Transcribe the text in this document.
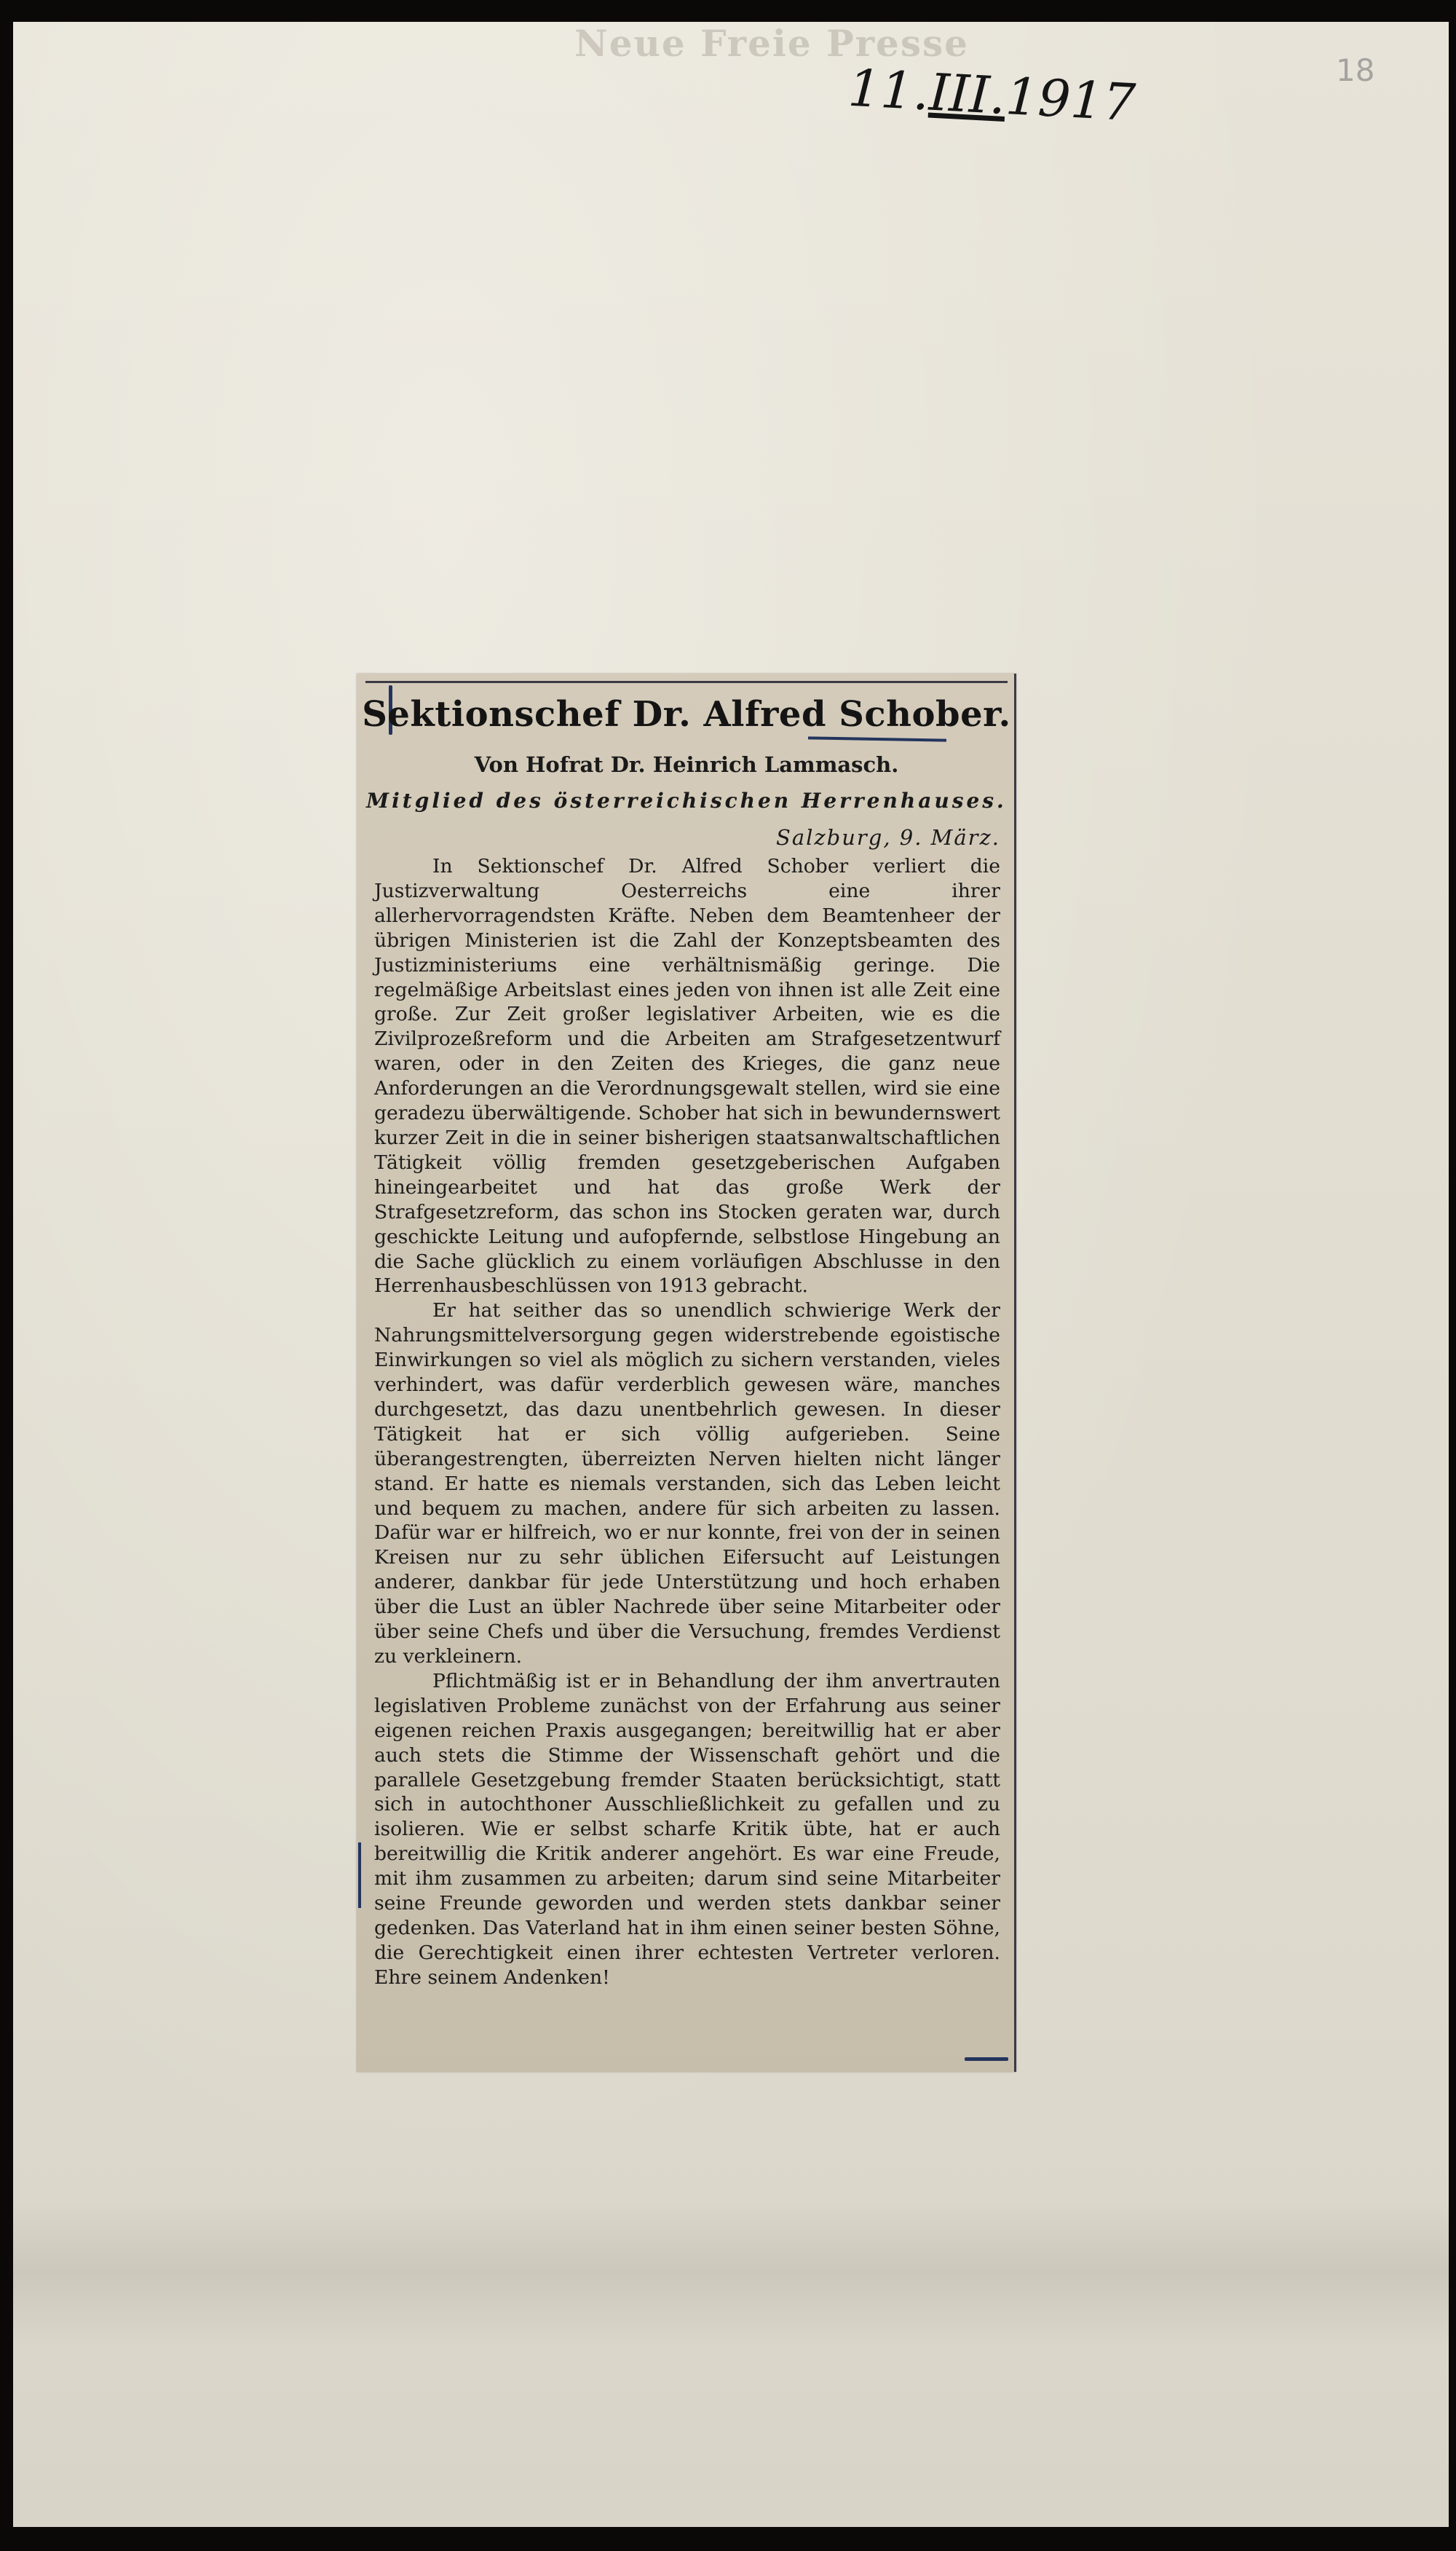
Neue Freie Presse
11.III.1917	18
Sektionschef Dr. Alfred Schober.
Von Hofrat Dr. Heinrich Lammasch.
Mitglied des österreichischen Herrenhauses.
Salzburg, 9. März.

In Sektionschef Dr. Alfred Schober verliert die Justizverwaltung Oesterreichs eine ihrer allerhervorragendsten Kräfte. Neben dem Beamtenheer der übrigen Ministerien ist die Zahl der Konzeptsbeamten des Justizministeriums eine verhältnismäßig geringe. Die regelmäßige Arbeitslast eines jeden von ihnen ist alle Zeit eine große. Zur Zeit großer legislativer Arbeiten, wie es die Zivilprozeßreform und die Arbeiten am Strafgesetzentwurf waren, oder in den Zeiten des Krieges, die ganz neue Anforderungen an die Verordnungsgewalt stellen, wird sie eine geradezu überwältigende. Schober hat sich in bewundernswert kurzer Zeit in die in seiner bisherigen staatsanwaltschaftlichen Tätigkeit völlig fremden gesetzgeberischen Aufgaben hineingearbeitet und hat das große Werk der Strafgesetzreform, das schon ins Stocken geraten war, durch geschickte Leitung und aufopfernde, selbstlose Hingebung an die Sache glücklich zu einem vorläufigen Abschlusse in den Herrenhausbeschlüssen von 1913 gebracht.

Er hat seither das so unendlich schwierige Werk der Nahrungsmittelversorgung gegen widerstrebende egoistische Einwirkungen so viel als möglich zu sichern verstanden, vieles verhindert, was dafür verderblich gewesen wäre, manches durchgesetzt, das dazu unentbehrlich gewesen. In dieser Tätigkeit hat er sich völlig aufgerieben. Seine überangestrengten, überreizten Nerven hielten nicht länger stand. Er hatte es niemals verstanden, sich das Leben leicht und bequem zu machen, andere für sich arbeiten zu lassen. Dafür war er hilfreich, wo er nur konnte, frei von der in seinen Kreisen nur zu sehr üblichen Eifersucht auf Leistungen anderer, dankbar für jede Unterstützung und hoch erhaben über die Lust an übler Nachrede über seine Mitarbeiter oder über seine Chefs und über die Versuchung, fremdes Verdienst zu verkleinern.

Pflichtmäßig ist er in Behandlung der ihm anvertrauten legislativen Probleme zunächst von der Erfahrung aus seiner eigenen reichen Praxis ausgegangen; bereitwillig hat er aber auch stets die Stimme der Wissenschaft gehört und die parallele Gesetzgebung fremder Staaten berücksichtigt, statt sich in autochthoner Ausschließlichkeit zu gefallen und zu isolieren. Wie er selbst scharfe Kritik übte, hat er auch bereitwillig die Kritik anderer angehört. Es war eine Freude, mit ihm zusammen zu arbeiten; darum sind seine Mitarbeiter seine Freunde geworden und werden stets dankbar seiner gedenken. Das Vaterland hat in ihm einen seiner besten Söhne, die Gerechtigkeit einen ihrer echtesten Vertreter verloren. Ehre seinem Andenken!
